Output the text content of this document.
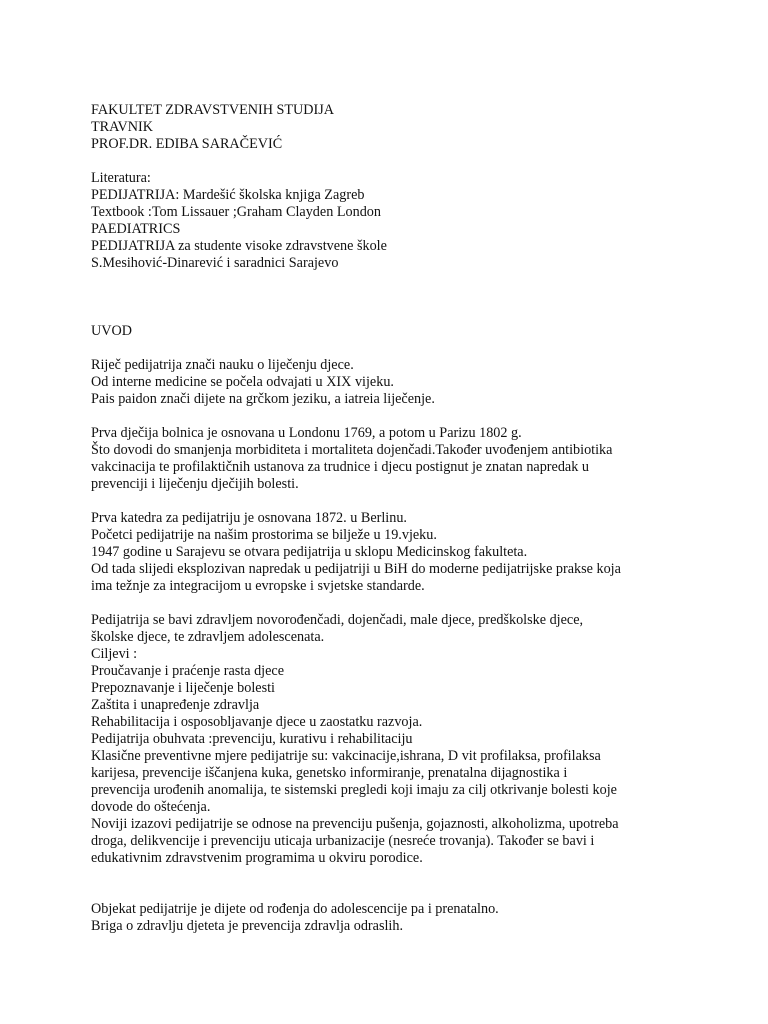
FAKULTET ZDRAVSTVENIH STUDIJA
TRAVNIK
PROF.DR. EDIBA SARAČEVIĆ
Literatura:
PEDIJATRIJA: Mardešić školska knjiga Zagreb
Textbook :Tom Lissauer ;Graham Clayden London
PAEDIATRICS
PEDIJATRIJA za studente visoke zdravstvene škole
S.Mesihović-Dinarević i saradnici Sarajevo
UVOD
Riječ pedijatrija znači nauku o liječenju djece.
Od interne medicine se počela odvajati u XIX vijeku.
Pais paidon znači dijete na grčkom jeziku, a iatreia liječenje.
Prva dječija bolnica je osnovana u Londonu 1769, a potom u Parizu 1802 g.
Što dovodi do smanjenja morbiditeta i mortaliteta dojenčadi.Također uvođenjem antibiotika
vakcinacija te profilaktičnih ustanova za trudnice i djecu postignut je znatan napredak u
prevenciji i liječenju dječijih bolesti.
Prva katedra za pedijatriju je osnovana 1872. u Berlinu.
Početci pedijatrije na našim prostorima se bilježe u 19.vjeku.
1947 godine u Sarajevu se otvara pedijatrija u sklopu Medicinskog fakulteta.
Od tada slijedi eksplozivan napredak u pedijatriji u BiH do moderne pedijatrijske prakse koja
ima težnje za integracijom u evropske i svjetske standarde.
Pedijatrija se bavi zdravljem novorođenčadi, dojenčadi, male djece, predškolske djece,
školske djece, te zdravljem adolescenata.
Ciljevi :
Proučavanje i praćenje rasta djece
Prepoznavanje i liječenje bolesti
Zaštita i unapređenje zdravlja
Rehabilitacija i osposobljavanje djece u zaostatku razvoja.
Pedijatrija obuhvata :prevenciju, kurativu i rehabilitaciju
Klasične preventivne mjere pedijatrije su: vakcinacije,ishrana, D vit profilaksa, profilaksa
karijesa, prevencije iščanjena kuka, genetsko informiranje, prenatalna dijagnostika i
prevencija urođenih anomalija, te sistemski pregledi koji imaju za cilj otkrivanje bolesti koje
dovode do oštećenja.
Noviji izazovi pedijatrije se odnose na prevenciju pušenja, gojaznosti, alkoholizma, upotreba
droga, delikvencije i prevenciju uticaja urbanizacije (nesreće trovanja). Također se bavi i
edukativnim zdravstvenim programima u okviru porodice.
Objekat pedijatrije je dijete od rođenja do adolescencije pa i prenatalno.
Briga o zdravlju djeteta je prevencija zdravlja odraslih.
